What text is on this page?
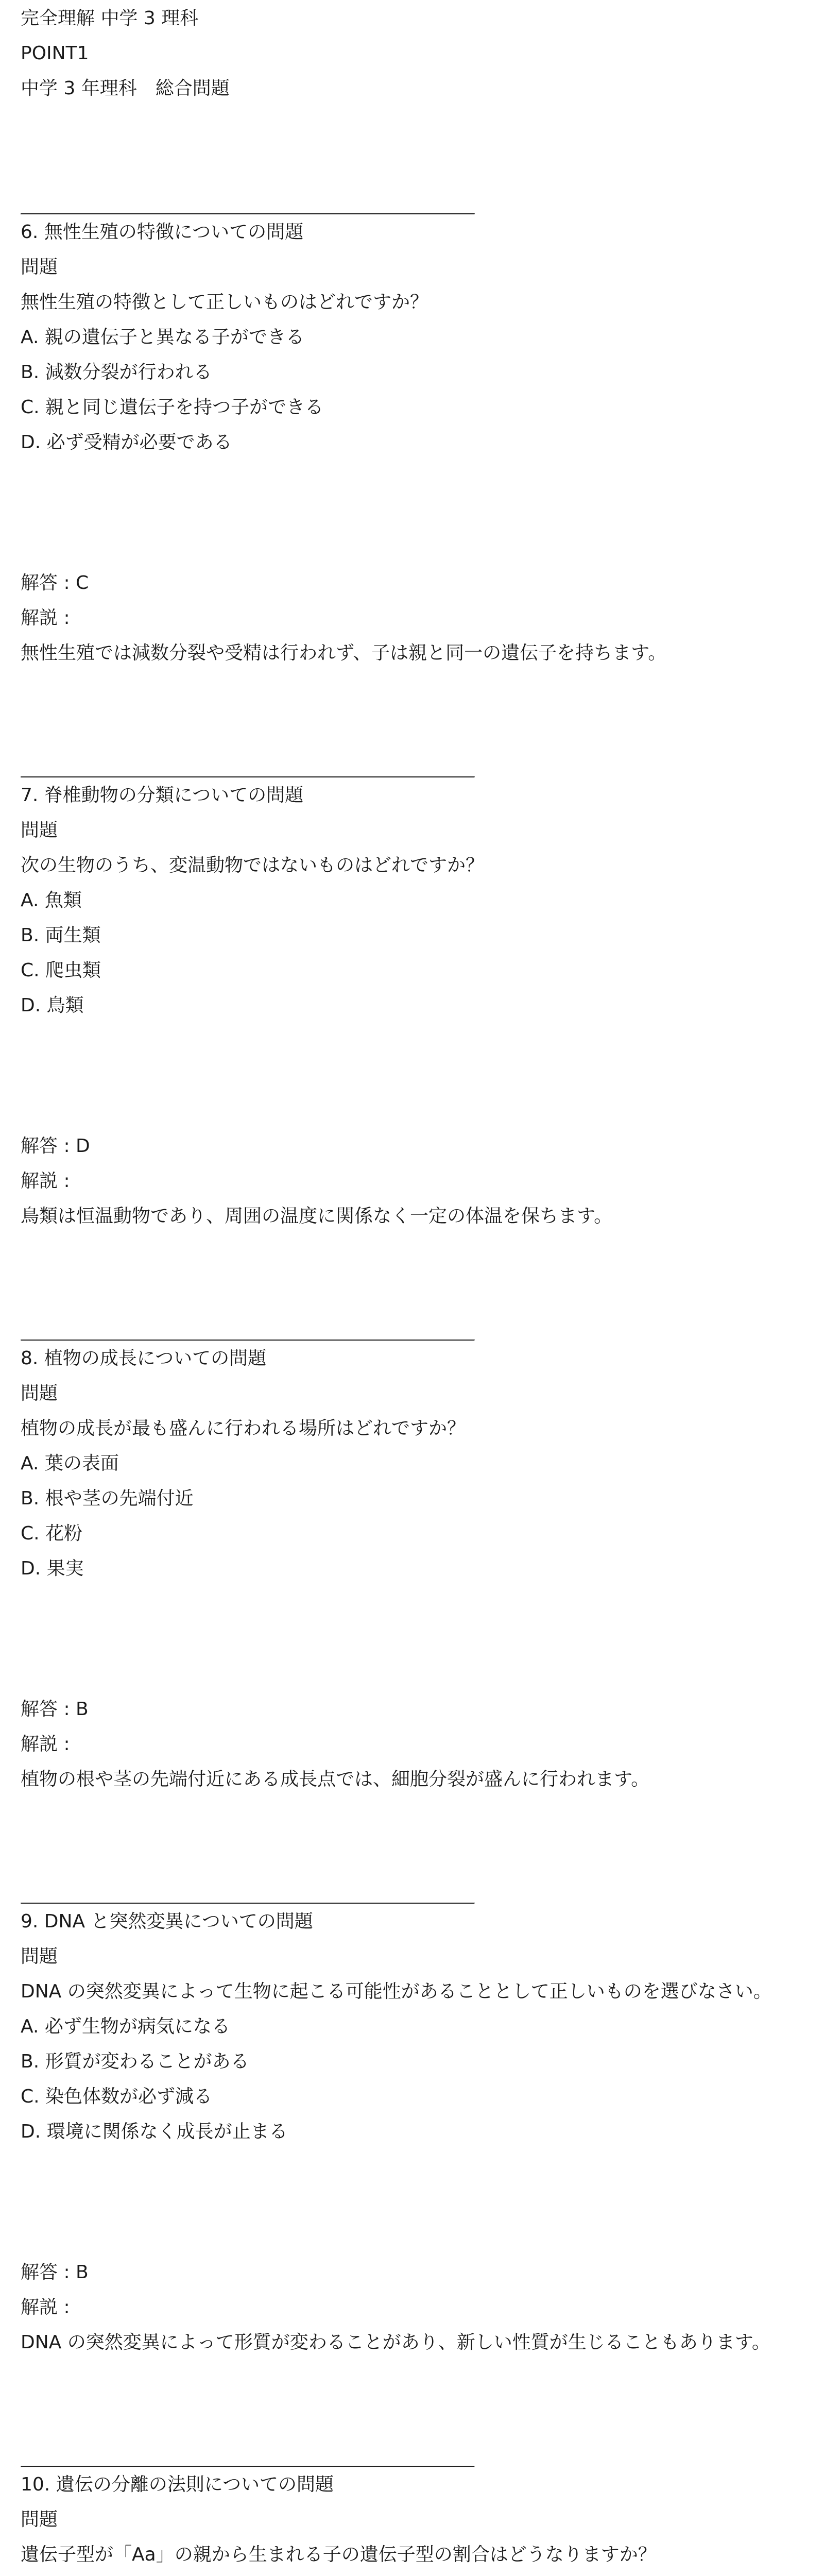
完全理解 中学 3 理科

POINT1

中学 3 年理科　総合問題

6. 無性生殖の特徴についての問題

問題

無性生殖の特徴として正しいものはどれですか？

A. 親の遺伝子と異なる子ができる

B. 減数分裂が行われる

C. 親と同じ遺伝子を持つ子ができる

D. 必ず受精が必要である

解答 : C

解説 :

無性生殖では減数分裂や受精は行われず、子は親と同一の遺伝子を持ちます。

7. 脊椎動物の分類についての問題

問題

次の生物のうち、変温動物ではないものはどれですか？

A. 魚類

B. 両生類

C. 爬虫類

D. 鳥類

解答 : D

解説 :

鳥類は恒温動物であり、周囲の温度に関係なく一定の体温を保ちます。

8. 植物の成長についての問題

問題

植物の成長が最も盛んに行われる場所はどれですか？

A. 葉の表面

B. 根や茎の先端付近

C. 花粉

D. 果実

解答 : B

解説 :

植物の根や茎の先端付近にある成長点では、細胞分裂が盛んに行われます。

9. DNA と突然変異についての問題

問題

DNA の突然変異によって生物に起こる可能性があることとして正しいものを選びなさい。

A. 必ず生物が病気になる

B. 形質が変わることがある

C. 染色体数が必ず減る

D. 環境に関係なく成長が止まる

解答 : B

解説 :

DNA の突然変異によって形質が変わることがあり、新しい性質が生じることもあります。

10. 遺伝の分離の法則についての問題

問題

遺伝子型が「Aa」の親から生まれる子の遺伝子型の割合はどうなりますか？
